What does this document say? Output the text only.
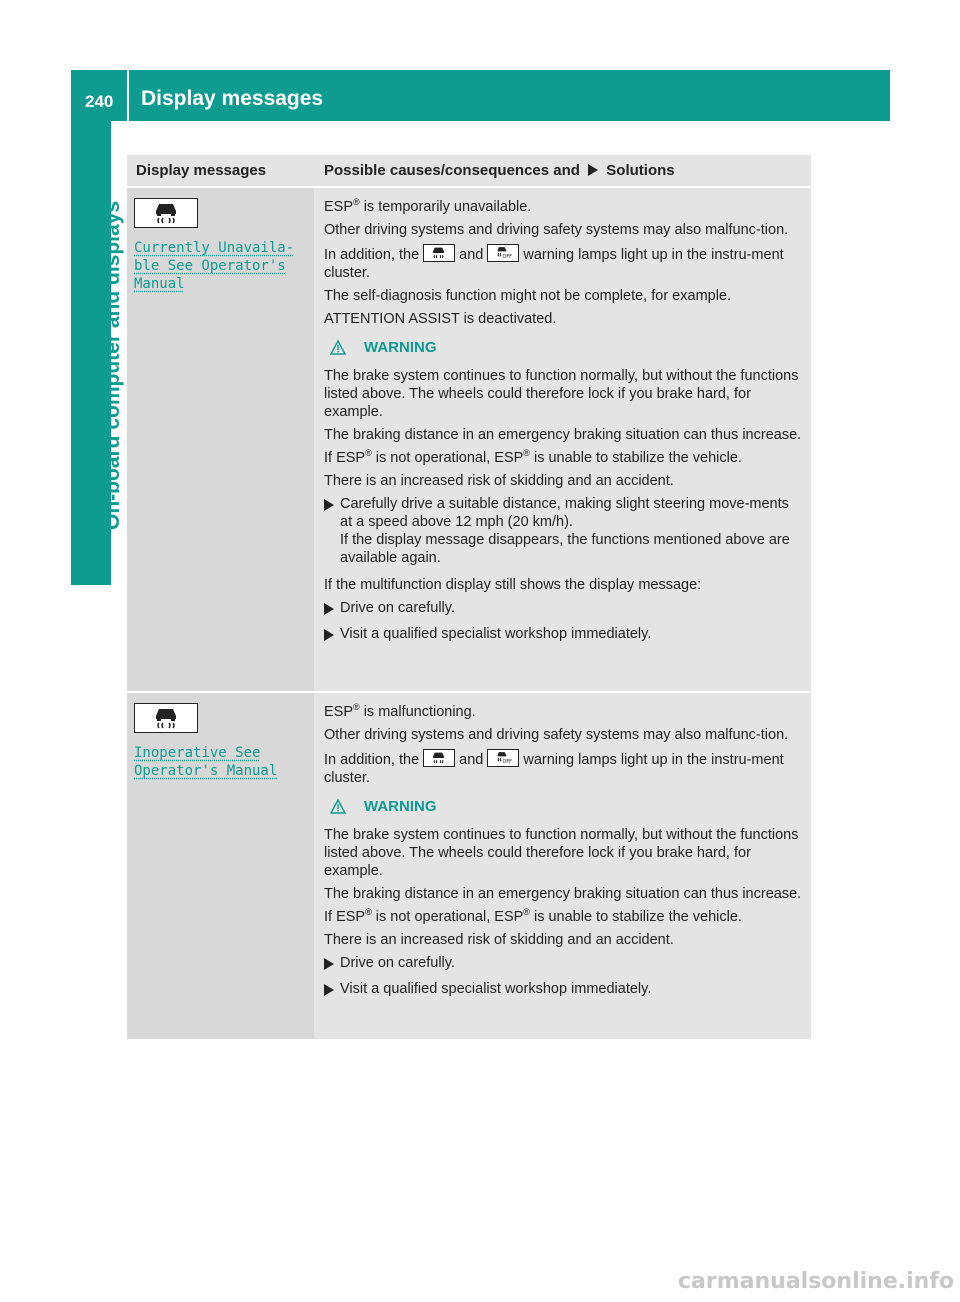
240 Display messages
On-board computer and displays
Display messages	Possible causes/consequences and Solutions
Currently Unavaila-
ble See Operator's
Manual

ESP® is temporarily unavailable.

Other driving systems and driving safety systems may also malfunc-tion.

In addition, the	and OFF warning lamps light up in the instru-ment cluster.

The self-diagnosis function might not be complete, for example.

ATTENTION ASSIST is deactivated.

WARNING

The brake system continues to function normally, but without the functions listed above. The wheels could therefore lock if you brake hard, for example.

The braking distance in an emergency braking situation can thus increase.

If ESP® is not operational, ESP® is unable to stabilize the vehicle.

There is an increased risk of skidding and an accident.

Carefully drive a suitable distance, making slight steering move-ments at a speed above 12 mph (20 km/h).
If the display message disappears, the functions mentioned above are available again.

If the multifunction display still shows the display message:

Drive on carefully.
Visit a qualified specialist workshop immediately.
Inoperative See
Operator's Manual

ESP® is malfunctioning.

Other driving systems and driving safety systems may also malfunc-tion.

In addition, the	and OFF warning lamps light up in the instru-ment cluster.

WARNING

The brake system continues to function normally, but without the functions listed above. The wheels could therefore lock if you brake hard, for example.

The braking distance in an emergency braking situation can thus increase.

If ESP® is not operational, ESP® is unable to stabilize the vehicle.

There is an increased risk of skidding and an accident.

Drive on carefully.
Visit a qualified specialist workshop immediately.
carmanualsonline.info
